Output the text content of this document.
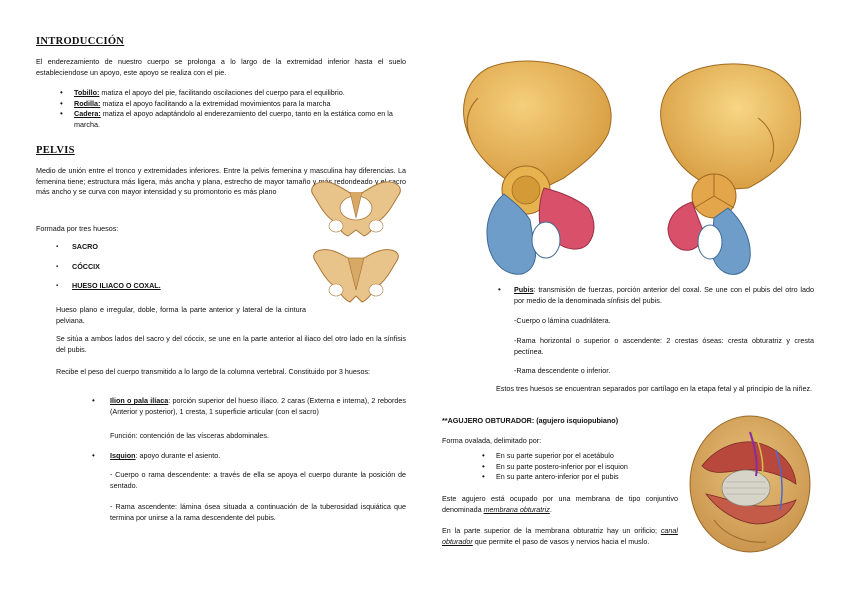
INTRODUCCIÓN
El enderezamiento de nuestro cuerpo se prolonga a lo largo de la extremidad inferior hasta el suelo estableciendose un apoyo, este apoyo se realiza con el pie.
• Tobillo: matiza el apoyo del pie, facilitando oscilaciones del cuerpo para el equilibrio.
• Rodilla: matiza el apoyo facilitando a la extremidad movimientos para la marcha
• Cadera: matiza el apoyo adaptándolo al enderezamiento del cuerpo, tanto en la estática como en la marcha.
PELVIS
Medio de unión entre el tronco y extremidades inferiores. Entre la pelvis femenina y masculina hay diferencias. La femenina tiene; estructura más ligera, más ancha y plana, estrecho de mayor tamaño y más redondeado y el sacro más ancho y se curva con mayor intensidad y su promontorio es más plano
Formada por tres huesos:
▪ SACRO
▪ CÓCCIX
▪ HUESO ILIACO O COXAL.
Hueso plano e irregular, doble, forma la parte anterior y lateral de la cintura pelviana.
Se sitúa a ambos lados del sacro y del cóccix, se une en la parte anterior al iliaco del otro lado en la sínfisis del pubis.
Recibe el peso del cuerpo transmitido a lo largo de la columna vertebral. Constituido por 3 huesos:
• Ilion o pala ilíaca: porción superior del hueso ilíaco. 2 caras (Externa e interna), 2 rebordes (Anterior y posterior), 1 cresta, 1 superficie articular (con el sacro)
Función: contención de las vísceras abdominales.
• Isquion: apoyo durante el asiento.
- Cuerpo o rama descendente: a través de ella se apoya el cuerpo durante la posición de sentado.
- Rama ascendente: lámina ósea situada a continuación de la tuberosidad isquiática que termina por unirse a la rama descendente del pubis.
• Pubis: transmisión de fuerzas, porción anterior del coxal. Se une con el pubis del otro lado por medio de la denominada sínfisis del pubis.
-Cuerpo o lámina cuadrilátera.
-Rama horizontal o superior o ascendente: 2 crestas óseas: cresta obturatriz y cresta pectínea.
-Rama descendente o inferior.
Estos tres huesos se encuentran separados por cartílago en la etapa fetal y al principio de la niñez.
**AGUJERO OBTURADOR: (agujero isquiopubiano)
Forma ovalada, delimitado por:
• En su parte superior por el acetábulo
• En su parte postero-inferior por el isquion
• En su parte antero-inferior por el pubis
Este agujero está ocupado por una membrana de tipo conjuntivo denominada membrana obturatriz.
En la parte superior de la membrana obturatriz hay un orificio; canal obturador que permite el paso de vasos y nervios hacia el muslo.
